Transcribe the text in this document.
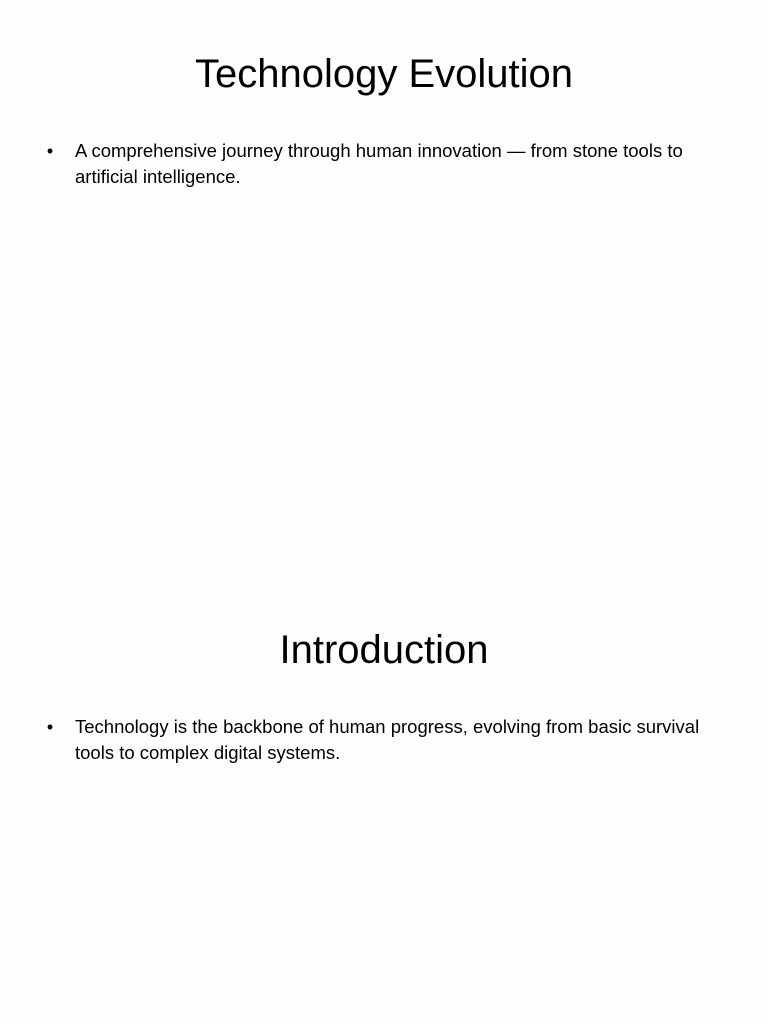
Technology Evolution
•	A comprehensive journey through human innovation — from stone tools to artificial intelligence.
Introduction
•	Technology is the backbone of human progress, evolving from basic survival tools to complex digital systems.
